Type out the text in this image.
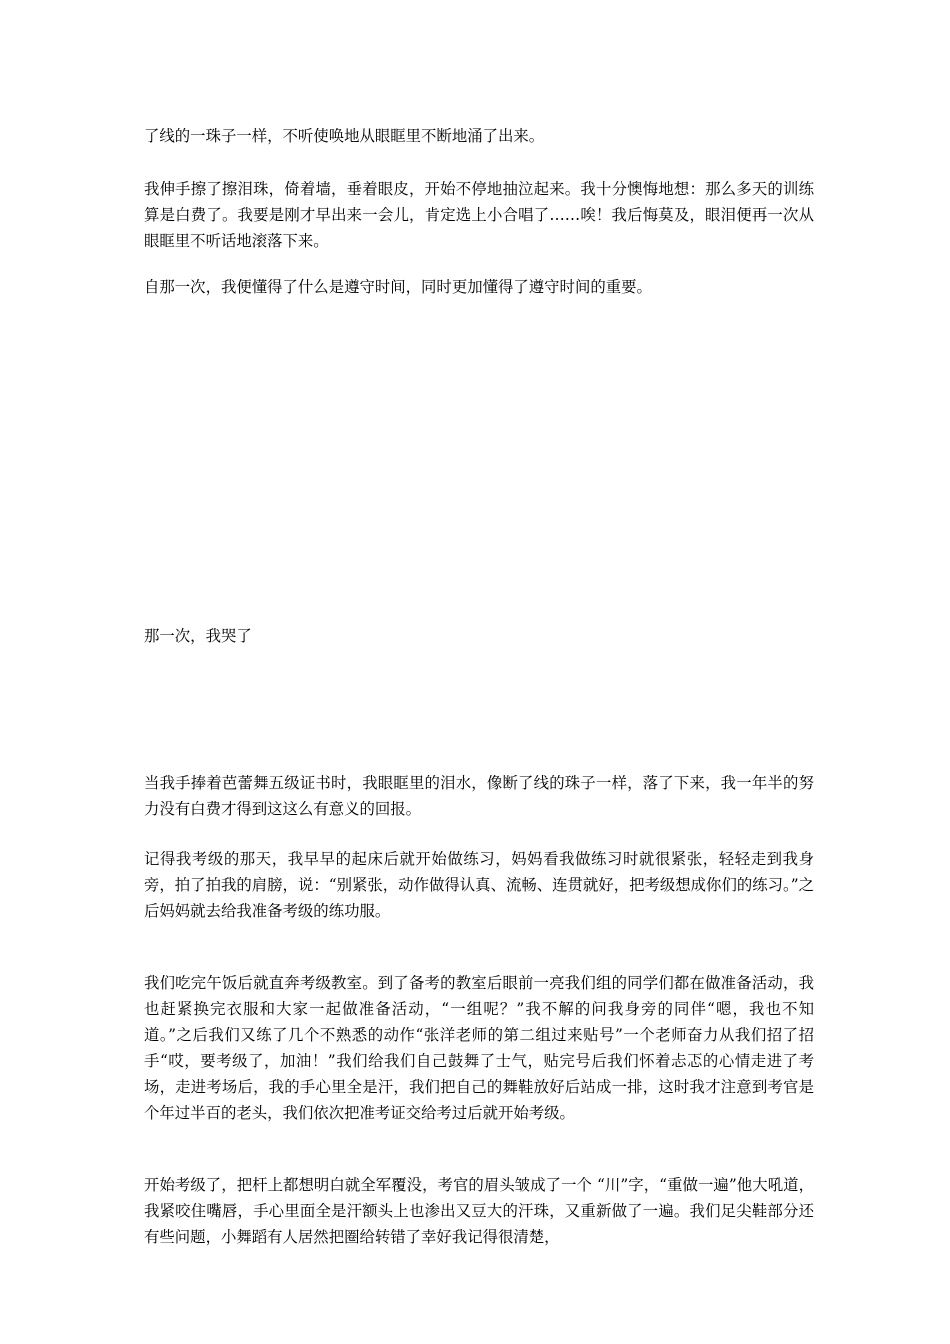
了线的一珠子一样，不听使唤地从眼眶里不断地涌了出来。

我伸手擦了擦泪珠，倚着墙，垂着眼皮，开始不停地抽泣起来。我十分懊悔地想：那么多天的训练算是白费了。我要是刚才早出来一会儿，肯定选上小合唱了……唉！我后悔莫及，眼泪便再一次从眼眶里不听话地滚落下来。

自那一次，我便懂得了什么是遵守时间，同时更加懂得了遵守时间的重要。

那一次，我哭了

当我手捧着芭蕾舞五级证书时，我眼眶里的泪水，像断了线的珠子一样，落了下来，我一年半的努力没有白费才得到这这么有意义的回报。

记得我考级的那天，我早早的起床后就开始做练习，妈妈看我做练习时就很紧张，轻轻走到我身旁，拍了拍我的肩膀，说：“别紧张，动作做得认真、流畅、连贯就好，把考级想成你们的练习。”之后妈妈就去给我准备考级的练功服。

我们吃完午饭后就直奔考级教室。到了备考的教室后眼前一亮我们组的同学们都在做准备活动，我也赶紧换完衣服和大家一起做准备活动，“一组呢？”我不解的问我身旁的同伴“嗯，我也不知道。”之后我们又练了几个不熟悉的动作“张洋老师的第二组过来贴号”一个老师奋力从我们招了招手“哎，要考级了，加油！”我们给我们自己鼓舞了士气，贴完号后我们怀着忐忑的心情走进了考场，走进考场后，我的手心里全是汗，我们把自己的舞鞋放好后站成一排，这时我才注意到考官是个年过半百的老头，我们依次把准考证交给考过后就开始考级。

开始考级了，把杆上都想明白就全军覆没，考官的眉头皱成了一个 “川”字，“重做一遍”他大吼道，我紧咬住嘴唇，手心里面全是汗额头上也渗出又豆大的汗珠，又重新做了一遍。我们足尖鞋部分还有些问题，小舞蹈有人居然把圈给转错了幸好我记得很清楚，
